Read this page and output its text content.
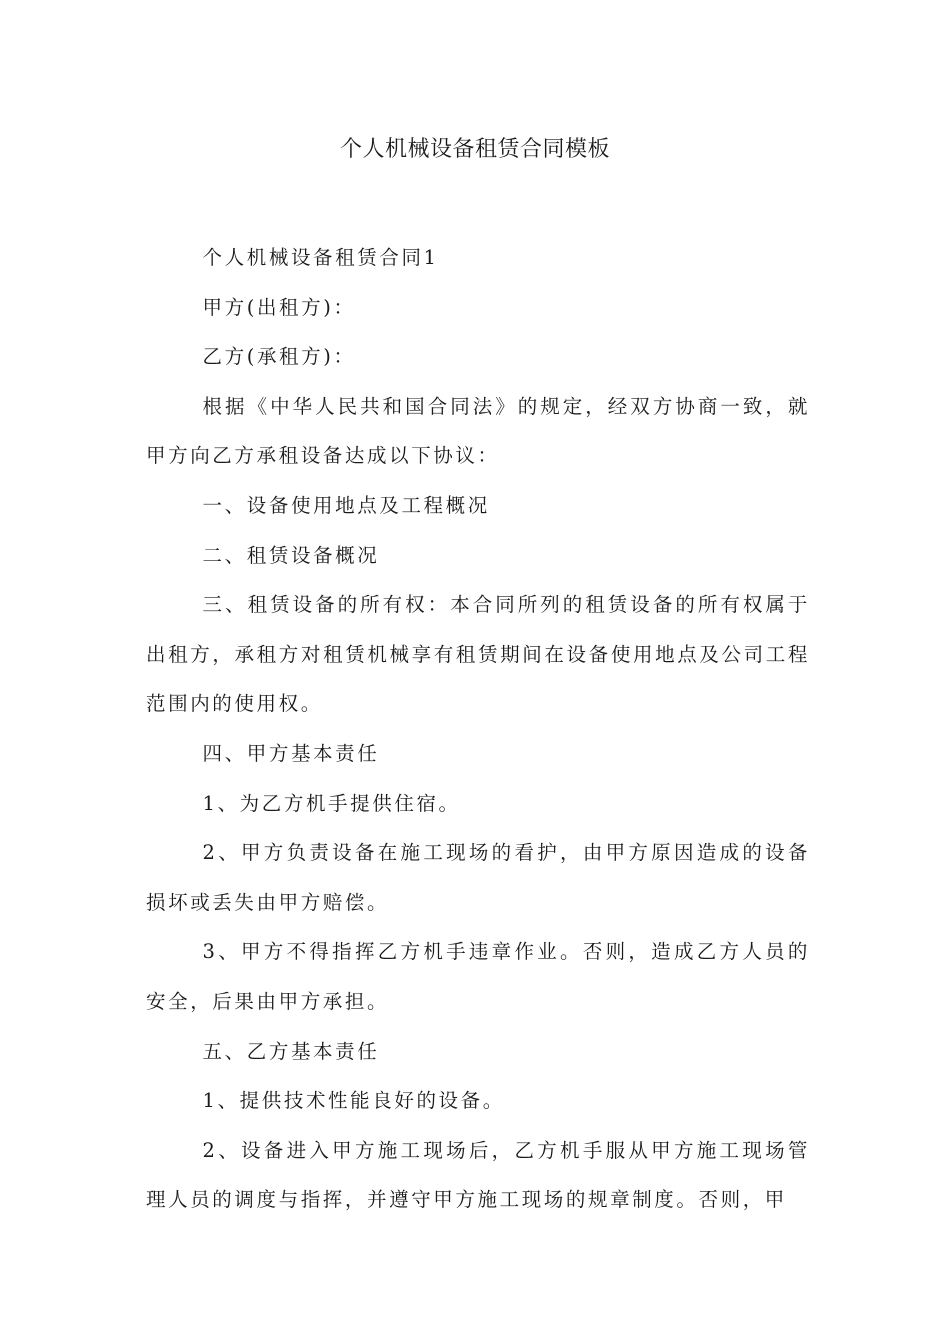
个人机械设备租赁合同模板

个人机械设备租赁合同1

甲方(出租方)：

乙方(承租方)：

根据《中华人民共和国合同法》的规定，经双方协商一致，就甲方向乙方承租设备达成以下协议：

一、设备使用地点及工程概况

二、租赁设备概况

三、租赁设备的所有权：本合同所列的租赁设备的所有权属于出租方，承租方对租赁机械享有租赁期间在设备使用地点及公司工程范围内的使用权。

四、甲方基本责任

1、为乙方机手提供住宿。

2、甲方负责设备在施工现场的看护，由甲方原因造成的设备损坏或丢失由甲方赔偿。

3、甲方不得指挥乙方机手违章作业。否则，造成乙方人员的安全，后果由甲方承担。

五、乙方基本责任

1、提供技术性能良好的设备。

2、设备进入甲方施工现场后，乙方机手服从甲方施工现场管理人员的调度与指挥，并遵守甲方施工现场的规章制度。否则，甲
